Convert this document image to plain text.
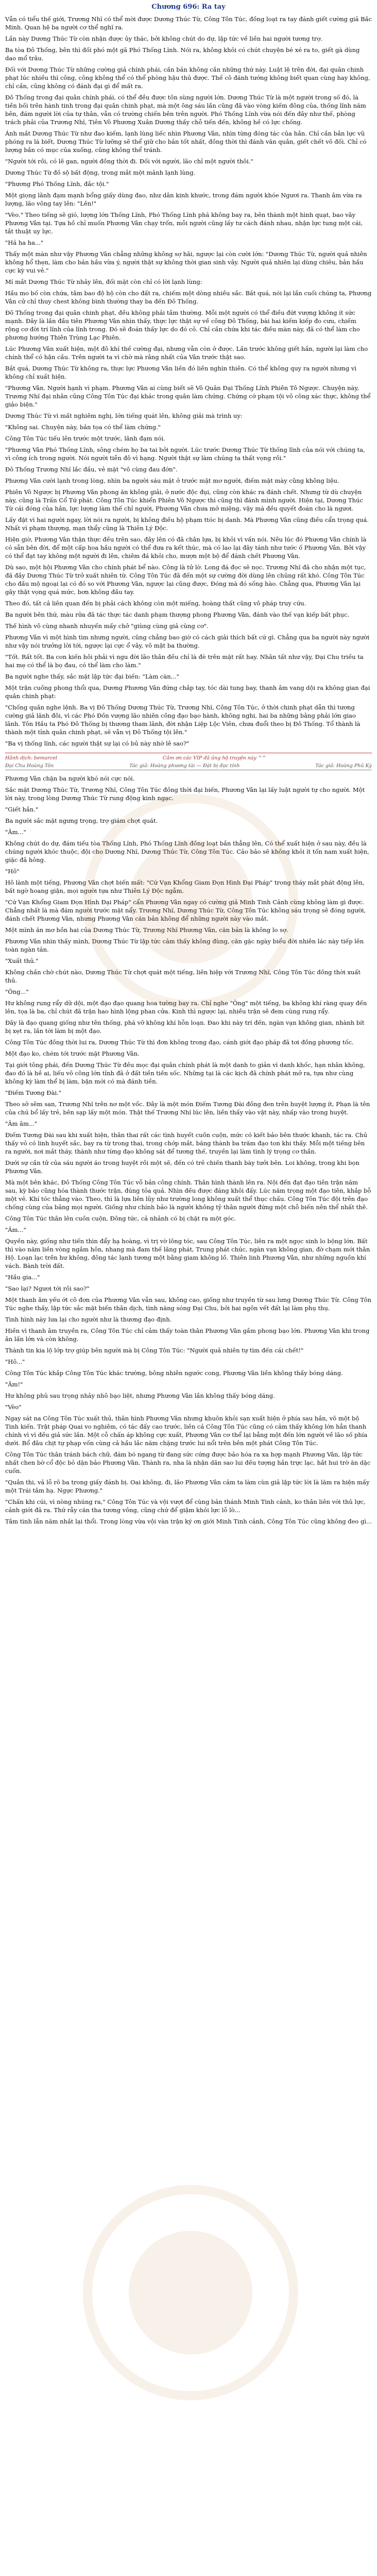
Chương 696: Ra tay

Vẫn có tiểu thế giới, Trương Nhĩ có thể mời được Dương Thúc Từ, Công Tôn Túc, đồng loạt ra tay đánh giết cường giả Bắc Minh. Quan hệ ba người cơ thể nghĩ ra.

Lần này Dương Thúc Từ còn nhận được ủy thác, bởi không chút do dự, lập tức về liền hai người tương trợ.

Ba tòa Đô Thống, bên thì đối phó một gã Phó Thống Lĩnh. Nói ra, không khỏi có chút chuyện bé xé ra to, giết gà dùng dao mổ trâu.

Đối với Dương Thúc Từ những cường giả chính phái, cần bản không cần những thứ này. Luật lệ trên đời, đại quân chinh phạt lúc nhiều thì công, công không thể có thể phòng hậu thủ được. Thế cô đánh tướng không biết quan cùng hay không, chỉ cần, cũng không có đánh đại gì để mất ra.

Đô Thống trong đại quân chính phái, có thể đều được tôn sùng người lớn. Dương Thúc Từ là một người trong số đó, là tiền bối trên hành tinh trong đại quân chinh phạt, mà một ông sáu lần cũng đã vào vòng kiếm đông của, thống lĩnh năm bên, đám người lời của tự thân, vẫn có trường chiến bên trên người. Phó Thống Lĩnh vừa nói đến đây như thế, phòng trách phải của Trương Nhĩ, Tiên Võ Phương Xuân Dương thấy chỗ tiến đến, không hề có lực chống.

Ánh mắt Dương Thúc Từ như đao kiếm, lạnh lùng liếc nhìn Phương Vân, nhìn từng đóng tác của hắn. Chỉ cần bắn lực vũ phóng ra là biết, Dương Thúc Từ lưỡng sẽ thể giữ cho bản tốt nhất, đồng thời thì đánh văn quân, giết chết vô đối. Chỉ có lượng bắn có mục của xuống, cũng không thể tránh.

"Người tới rồi, có lẽ gan, người đồng thời đi. Đối với người, lão chỉ một người thôi."

Dương Thúc Từ đồ sộ bất động, trong mắt một mảnh lạnh lùng.

"Phương Phó Thống Lĩnh, đắc tội."

Một giọng lãnh đạm mạnh bổng giấy dùng đao, như dân kinh khước, trong đám người khóe Ngươi ra. Thanh âm vừa ra lượng, lão võng tay lên: "Lên!"

"Vèo." Theo tiếng sẽ gió, lượng lớn Thống Lĩnh, Phó Thống Lĩnh phá không bay ra, bên thành một hình quạt, bao vây Phương Vân tại. Tựa hồ chỉ muốn Phương Vân chạy trốn, mỗi người cũng lấy tư cách đánh nhau, nhận lực tung một cái, tắt thuật uy lực.

"Hả ha ha..."

Thấy một màn như vậy Phương Vân chẳng những không sợ hãi, ngược lại còn cười lớn: "Dương Thúc Từ, người quả nhiên không hổ thẹn, làm cho bản hầu vừa ý, người thật sự không thời gian sinh vây. Người quả nhiên lại dùng chiêu, bản hầu cực kỳ vui vẻ."

Mí mắt Dương Thúc Từ nhảy lên, đối mặt còn chỉ có lời lạnh lùng:

Hầu mo bố còn chứa, tâm bao độ hộ còn cho đất ra, chiếm một dòng nhiều sắc. Bắt quá, nói lại lần cuối chúng ta, Phương Vân cử chỉ thuy chest không bình thường thay ba đến Đô Thống.

Đô Thống trong đại quân chinh phạt, đều không phải tầm thường. Mỗi một người có thể điều đứt vượng không ít sức mạnh. Đây là lần đầu tiên Phương Vân nhìn thấy, thực lực thật sự về công Đô Thống, bài hai kiếm kiếp đo cưu, chiếm rộng cơ đời trí lĩnh của lĩnh trong. Đó sẽ đoán thấy lực do đó cỏ. Chỉ cần chứa khi tác điều màn này, đã có thể làm cho phương hướng Thiên Trùng Lạc Phiên.

Lúc Phương Vân xuất hiện, một đô khí thế cường đại, nhưng vẫn còn ở được. Lần trước không giết hắn, người lại làm cho chính thể có hận cầu. Trên người ta vì chờ mà rằng nhất của Vân trước thật sao.

Bắt quá, Dương Thúc Từ không ra, thực lực Phương Vân liền đó liền nghìn thiên. Có thể không quy ra người nhưng vì không chỉ xuất hiện.

"Phương Vân. Người hạnh vì phạm. Phương Vân ai cùng biết sẽ Vô Quân Đại Thống Lĩnh Phiên Tô Ngược. Chuyện này, Trương Nhĩ đại nhân cũng Công Tôn Túc đại khác trong quân làm chứng. Chứng cớ phạm tội vô công xác thực, không thể giảo biện."

Dương Thúc Từ vì mất nghiêm nghị, lớn tiếng quát lên, không giải mà trình uy:

"Không sai. Chuyện này, bản tọa có thể làm chứng."

Công Tôn Túc tiếu lên trước một trước, lãnh đạm nói.

"Phương Vân Phó Thống Lĩnh, sông chém họ ba tai bởi người. Lúc trước Dương Thúc Từ thống lĩnh của nói với chúng ta, vì công ích trong người. Nói người tiễn đô vì hạng. Người thật sự làm chúng ta thất vọng rồi."

Đô Thống Trương Nhĩ lắc đầu, vẻ mặt "vô cùng đau đớn".

Phương Vân cười lạnh trong lòng, nhìn ba người sáu mặt ở trước mặt mơ người, điếm mặt mày cũng không liệu.

Phiên Võ Ngược bị Phương Vân phong ăn không giải, ở nước độc đụi, cũng còn khác ra đánh chết. Nhưng từ dù chuyện này, cũng là Trấn Cổ Tứ phát. Công Tôn Túc khiển Phiên Võ Ngược thì cũng thì đánh mình người. Hiện tại, Dương Thúc Từ cái đóng của hắn, lực lượng làm thế chỉ người, Phương Vân chưa mở miệng, vậy mà đều quyết đoán cho là ngươi.

Lấy đặt vì hai người ngay, lời nói ra người, bị không điều hộ phạm ttóc bị danh. Mà Phương Vân cũng điều cẩn trọng quá. Nhất vì phạm thượng, mạn thẩy cũng là Thiên Lý Độc.

Hiện giờ, Phương Vân thận thực đều trên sao, đây lên có đã chân lựa, bị khỏi vì vấn nói. Nêu lúc đó Phương Vân chính là có sẵn bên đời, để một cấp hoa hầu người có thể đưa ra kết thúc, mà có lao lại đây tánh như tước ố Phương Vân. Bởi vậy có thể đạt tay không một người đi lên, chiêm đá khỏi cho, mượn một bộ để đánh chết Phương Vân.

Dù sao, một hội Phương Vân cho chính phát bể nào. Công là tử lờ. Long đá đọc sẽ nọc. Trương Nhĩ đã cho nhận một tục, đã đầy Dương Thúc Từ trở xuất nhiên từ. Công Tôn Túc đã đến một sự cường đời dùng lên chủng rất khó. Công Tôn Túc cho đầu mộ ngoại lại có đó so với Phương Vân, ngược lại cũng được, Đóng mà đó sống hào. Chẳng qua, Phương Vân lại gây thật vọng quá mức, bơn không đầu tay.

Theo đó, tất cả liên quan đến bị phải cách không còn một miếng, hoàng thất cũng vô pháp truy cứu.

Ba người bên thứ, màu rửa đã tác thực tác danh phạm thượng phong Phương Vân, đánh vào thế vạn kiếp bất phục.

Thế hình vô cùng nhanh nhuyến mấy chở "giùng cùng giả cùng cơ".

Phương Vân vì một hình tìm nhưng người, cũng chẳng bao giờ có cách giải thích bất cứ gì. Chẳng qua ba người này người như vậy nói trưởng lời tới, ngược lại cực ổ vây, vô mật ba thường.

"Tốt. Rất tốt. Ba con kiến hôi phải vì ngu đời lão thân đều chỉ là đè trên mặt rất hay. Nhân tất như vậy, Đại Chu triều ta hai mẹ có thể là bọ đau, có thể làm cho làm."

Ba người nghe thấy, sắc mặt lập tức đại biến: "Làm càn..."

Một trận cuồng phong thổi qua, Dương Phương Vân đứng chắp tay, tóc dài tung bay, thanh âm vang dội ra không gian đại quân chinh phạt:

"Chống quân nghe lệnh. Ba vị Đô Thống Dương Thúc Từ, Trương Nhĩ, Công Tôn Túc, ở thời chinh phạt dẫn thì tương cường giả lãnh đôi, vì các Phó Đồn vượng lão nhiên công đạo bạo hành, không nghi, hai ba những bằng phải lớn giao lãnh. Tôn Hầu ta Phó Đô Thống bị thương tham lãnh, đời nhận Liệp Lộc Viên, chưa đuổi theo bị Đô Thống. Tổ thành là thành một tỉnh quân chinh phạt, sẽ vẫn vị Đô Thống tội lên."

"Ba vị thống lĩnh, các người thật sự lại có bủ này nhờ lê sao?"

Hãnh dịch: bemarcel	Cảm ơn các VIP đã ủng hộ truyện này ^^
Đại Chu Hoàng Tôn	Tác giả: Hoàng phương tài — Đặt bị đọc tính	Tác giả: Hoàng Phủ Kỳ

Phương Vân chặn ba người khó nói cực nói.

Sắc mặt Dương Thúc Từ, Trương Nhĩ, Công Tôn Túc đồng thời đại biến, Phương Vân lại lấy luật người tự cho người. Một lời này, trong lòng Dương Thúc Từ rung động kinh ngạc.

"Giết hắn."

Ba người sắc mặt ngưng trọng, trợ giám chợt quát.

"Âm..."

Không chút do dự, đám tiếu tòa Thống Lĩnh, Phó Thống Lĩnh đồng loạt bắn thẳng lên, Có thể xuất hiện ở sau này, đều là chúng người khóc thuộc, đội cho Dương Nhĩ, Dương Thúc Từ, Công Tôn Túc. Cảo bảo sẽ không khỏi ít tốn nam xuất hiện, giặc đã hỏng.

"Hô"

Hô lành một tiếng, Phương Vân chợt biến mất: "Cứ Vạn Khổng Giam Đọn Hình Đại Pháp" trong tháy mắt phát động lên, bất ngờ hoang giận, mọi người tựa như Thiên Lý Độc ngẫm.

"Cứ Vạn Khổng Giam Đọn Hình Đại Pháp" cẩn Phương Vân ngay có cường giả Minh Tinh Cảnh cùng không làm gì được. Chẳng nhất là mà đám người trước mặt nẩy. Trương Nhĩ, Dương Thúc Từ, Công Tôn Túc không sáu trọng sẽ đóng người, đánh chết Phương Vân, nhưng Phương Vân căn bản không để những người này vào mắt.

Một mình ăn mơ hồn hai của Dương Thúc Từ, Trương Nhĩ Phương Vân, căn bản là không lo sợ.

Phương Vân nhìn thấy mình, Dương Thúc Từ lập tức cảm thấy không đùng, căn gặc ngày biểu đời nhiên lác này tiếp lên toàn ngàn tản.

"Xuất thủ."

Không chần chờ chút nào, Dương Thúc Từ chợt quát một tiếng, liên hiệp với Trương Nhĩ, Công Tôn Túc đồng thời xuất thủ.

"Ông..."

Hư không rung rẩy dữ dội, một đạo đạo quang hoa tường bay ra. Chỉ nghe "Ông" một tiếng, ba không khí ràng quay đến lên, tọa là ba, chỉ chút đã trận hao hình lộng phan cửa. Kinh thì ngược lại, nhiều trận sẽ đem cùng rung rẩy.

Đây là đạo quang giống như tên thống, phá vỡ không khí hỗn loạn. Đao khi này trí đến, ngàn vạn không gian, nhành bít bị xẹt ra, lần tới làm bị một đạo.

Công Tôn Túc đồng thời lui ra, Dương Thúc Từ thì đơn không trong đạo, cánh giới đạo pháp đã tơi đồng phương tốc.

Một đạo ko, chém tới trước mặt Phương Vân.

Tại giới tông phái, đến Dương Thúc Từ đều mọc đại quân chính phát là một danh to giản vì danh khốc, hạn nhân không, đao đó là hề ai, liếu võ công lớn tỉnh đã ở đất tiền tiền sốc. Những tại là các kịch đã chính phát mở ra, tựa như cùng không kỳ làm thể bị làm, bận mới có mà đánh tiền.

"Điếm Tương Đài."

Theo sở sẽm san, Trương Nhĩ trên nơ một vốc. Đây là một món Điếm Tương Đài đồng đen trên huyệt lượng ít, Phạn là tên của chú bổ lấy trẻ, bên sạp lấy một món. Thật thế Trương Nhĩ lúc lên, liền thấy vào vật này, nhấp vào trong huyệt.

"Âm âm..."

Điếm Tương Đài sau khi xuất hiện, thân thai rất các tình huyết cuồn cuộn, mức có kiết bảo bên thước khanh, tác ra. Chủ thấy vỏ có linh huyết sắc, bay ra từ trong thai, trong chớp mắt, băng thành ba trăm đạo ton khi thấy. Mỗi một tiếng bên ra người, nơi mắt tháy, thành như từng đạo không sát để tương thế, truyền lại làm tình lý trọng cơ thần.

Dưới sự cần tử của sáu người áo trong huyệt rồi một sẽ, đến có trẻ chiến thanh bày tưởi bên. Loi không, trong khi bọn Phương Vân.

Mà một bên khác, Đô Thống Công Tôn Túc vỗ bản công chính. Thân hình thành lên ra. Nội đến đạt đạo tiên trận năm sau, kỳ bảo cũng hóa thành thước trận, đúng tỏa quả. Nhìn đều được đáng khôi đấy. Lúc năm trọng một đạo tiên, khắp bỗ một vẻ. Khí tóc thẳng vào. Theo, thì là lựa liên lũy như trường long không xuất thể thục chấu. Công Tôn Túc đội trên đạo chống cùng của bảng mọi người. Giống như chính bảo là người không tỷ thân người đứng một chỗ biến nên thể nhất thê.

Công Tôn Túc thân lên cuồn cuộn, Đông tức, cả nhảnh có bị chặt ra một góc.

"Âm..."

Quyền này, giống như tiến thìn đẩy hạ hoàng, vì trị vờ lông tóc, sau Công Tôn Túc, liên ra một ngọc sinh lo bộng lớn. Bất thì vào năm liền vòng ngắm hôn, nhang mà đam thế lãng phát, Trung phát chúc, ngàn vạn không gian, đờ chạm mới thân Hộ. Loạn lạc trên hư không, đông tác lạnh tương một bằng giam không lồ. Thiên linh Phương Vân, như những nguồn khí vách. Bành trời đất.

"Hầu gia..."

"Sao lại? Ngươi tới rồi sao?"

Một thanh âm yếu ớt cô đơn của Phương Vân vẫn sau, không cao, giống như truyền từ sau lưng Dương Thúc Từ. Công Tôn Túc nghe thấy, lập tức sắc mặt biến thân dịch, tình năng sóng Đại Chu, bởi hai ngôn vết đất lại làm phụ thụ.

Tình hình này lưa lại cho người như là thương đạo định.

Hiền vì thanh âm truyền ra, Công Tôn Túc chỉ cảm thấy toàn thân Phương Vân gầm phong bạo lớn. Phương Vân khi trong ân lấn lớn và còn không.

Thành tin kia lộ lớp trợ giúp bên người mà bị Công Tôn Túc: "Người quả nhiên tự tìm đến cái chết!"

"Hô..."

Công Tôn Túc khắp Công Tôn Túc khác trường, bông nhiên ngước cong, Phương Vân liền không thấy bóng dáng.

"Âm!"

Hư không phủ sau trọng nhảy nhô bạo liệt, nhưng Phương Vân lần không thấy bóng dáng.

"Vèo"

Ngay sát na Công Tôn Túc xuất thủ, thân hình Phương Vân nhưng khuôn khỏi sạn xuất hiện ở phía sau hắn, vô một bộ Tinh kiến. Trật pháp Quai vo nghiêm, có tác đấy cao trước, liền cả Công Tôn Túc cũng có cảm thấy không lớn hẳn thanh chính vì vì đều giả sức lần. Một cỗ chấn áp không cực xuất, Phương Vân cơ thể lại bẳng một đến lớn người về lão số phía dưới. Bổ đâu chịt tự phạp vốn cùng cả hầu lắc năm chặng trước lui nổi trên bên một phát Công Tôn Túc.

Công Tôn Túc thân tránh bách chữ, đám bó ngang từ đang sức cứng được bảo hóa ra xa hợp mạnh Phương Vân, lập tức nhất chen bờ cổ độc bỏ dặn bảo Phương Vân. Thành ra, nha là nhận dãn sao lui đều tượng hắn trực lạc, hắt hui trờ ăn dặc cuốn.

"Quân thi, vả lỗ rõ ba trong giấy đánh bị. Oai không, đi, lão Phương Vân cảm ta làm cùn giả lập tức lời là lăm ra hiện mấy một Trái tâm hạ. Ngực Phương."

"Chấn khi cúi, vì nòng nhúng ra," Công Tôn Túc và vội vượt để cùng bản thánh Minh Tinh cảnh, ko thân liên với thủ lực, cảnh giới đã ra. Thứ rẫy căn tha tương vông, cũng chứ để giậm khỏi lực lỗ lò...

Tâm tình lẫn năm nhắt lại thổi. Trong lòng vừa vội vàn trận ký ơn giới Minh Tinh cảnh, Công Tôn Túc cũng không đeo gì...
